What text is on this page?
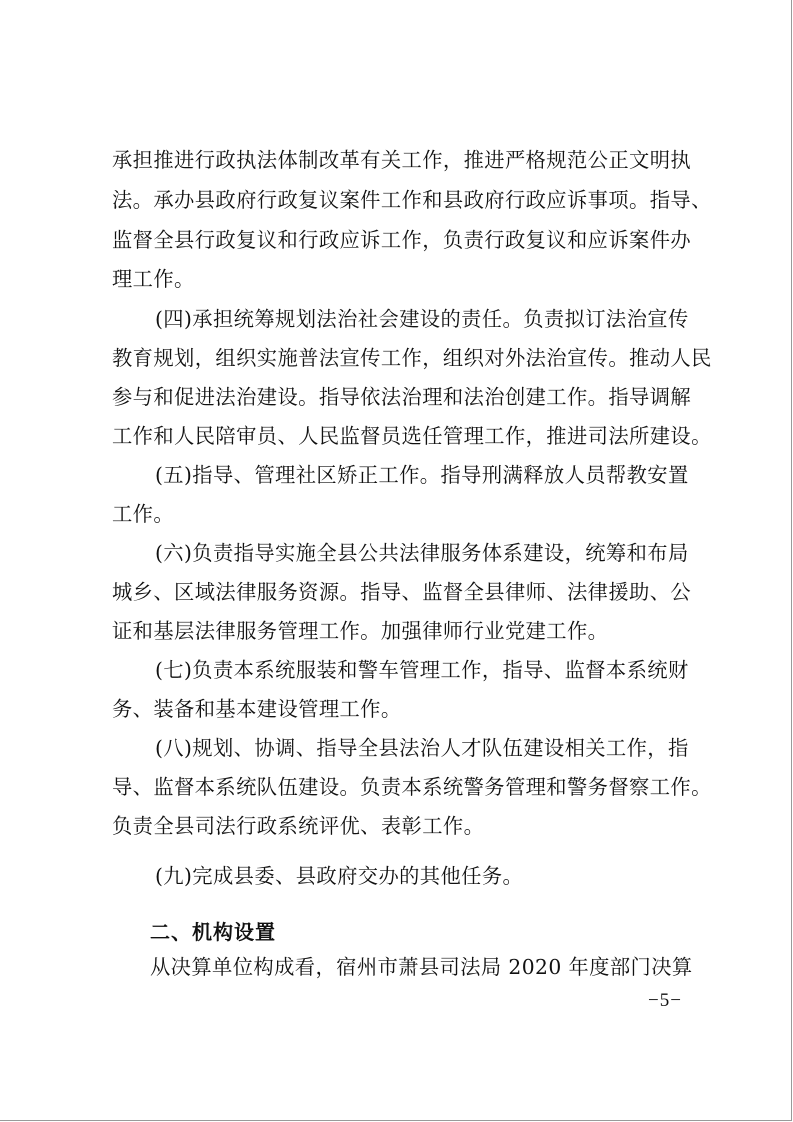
承担推进行政执法体制改革有关工作，推进严格规范公正文明执
法。承办县政府行政复议案件工作和县政府行政应诉事项。指导、
监督全县行政复议和行政应诉工作，负责行政复议和应诉案件办
理工作。
(四)承担统筹规划法治社会建设的责任。负责拟订法治宣传
教育规划，组织实施普法宣传工作，组织对外法治宣传。推动人民
参与和促进法治建设。指导依法治理和法治创建工作。指导调解
工作和人民陪审员、人民监督员选任管理工作，推进司法所建设。
(五)指导、管理社区矫正工作。指导刑满释放人员帮教安置
工作。
(六)负责指导实施全县公共法律服务体系建设，统筹和布局
城乡、区域法律服务资源。指导、监督全县律师、法律援助、公
证和基层法律服务管理工作。加强律师行业党建工作。
(七)负责本系统服装和警车管理工作，指导、监督本系统财
务、装备和基本建设管理工作。
(八)规划、协调、指导全县法治人才队伍建设相关工作，指
导、监督本系统队伍建设。负责本系统警务管理和警务督察工作。
负责全县司法行政系统评优、表彰工作。
(九)完成县委、县政府交办的其他任务。
二、机构设置
从决算单位构成看，宿州市萧县司法局 2020 年度部门决算
−5−
